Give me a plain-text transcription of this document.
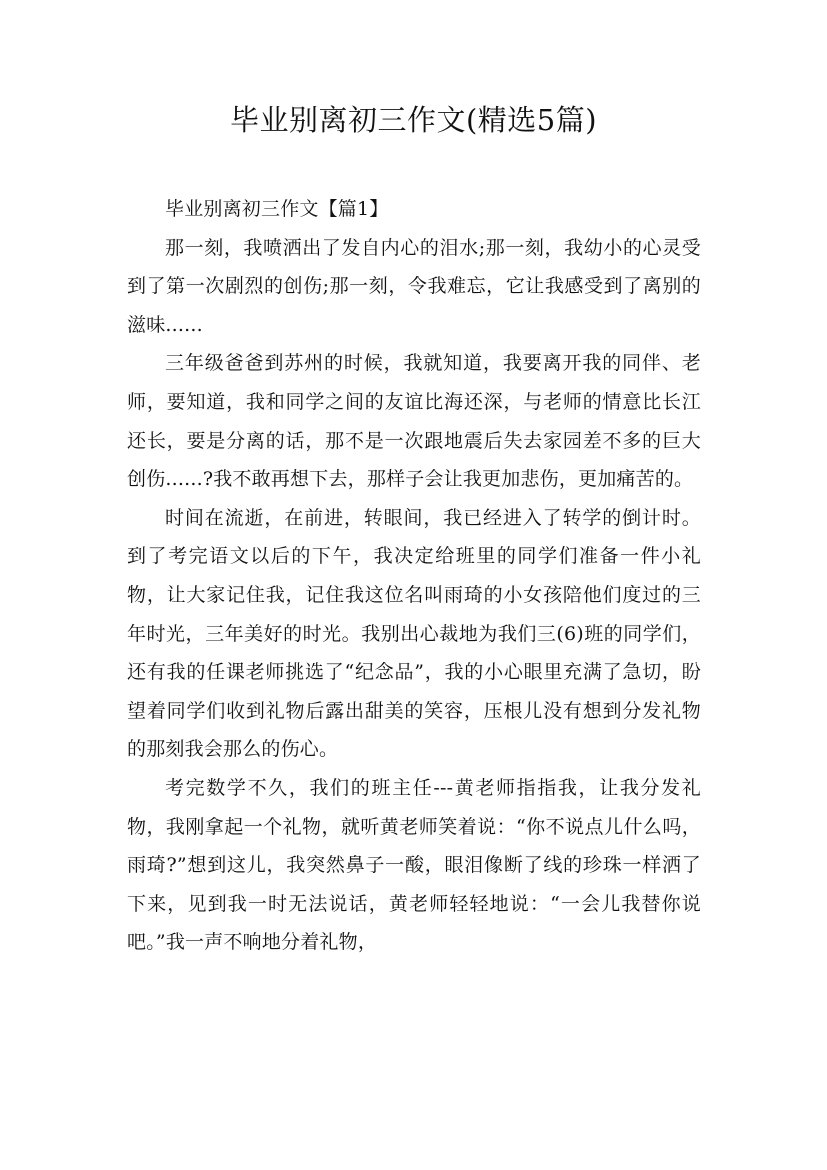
毕业别离初三作文(精选5篇)

毕业别离初三作文【篇1】

那一刻，我喷洒出了发自内心的泪水;那一刻，我幼小的心灵受到了第一次剧烈的创伤;那一刻，令我难忘，它让我感受到了离别的滋味......

三年级爸爸到苏州的时候，我就知道，我要离开我的同伴、老师，要知道，我和同学之间的友谊比海还深，与老师的情意比长江还长，要是分离的话，那不是一次跟地震后失去家园差不多的巨大创伤......?我不敢再想下去，那样子会让我更加悲伤，更加痛苦的。

时间在流逝，在前进，转眼间，我已经进入了转学的倒计时。到了考完语文以后的下午，我决定给班里的同学们准备一件小礼物，让大家记住我，记住我这位名叫雨琦的小女孩陪他们度过的三年时光，三年美好的时光。我别出心裁地为我们三(6)班的同学们，还有我的任课老师挑选了“纪念品”，我的小心眼里充满了急切，盼望着同学们收到礼物后露出甜美的笑容，压根儿没有想到分发礼物的那刻我会那么的伤心。

考完数学不久，我们的班主任---黄老师指指我，让我分发礼物，我刚拿起一个礼物，就听黄老师笑着说：“你不说点儿什么吗，雨琦?”想到这儿，我突然鼻子一酸，眼泪像断了线的珍珠一样洒了下来，见到我一时无法说话，黄老师轻轻地说：“一会儿我替你说吧。”我一声不响地分着礼物，
